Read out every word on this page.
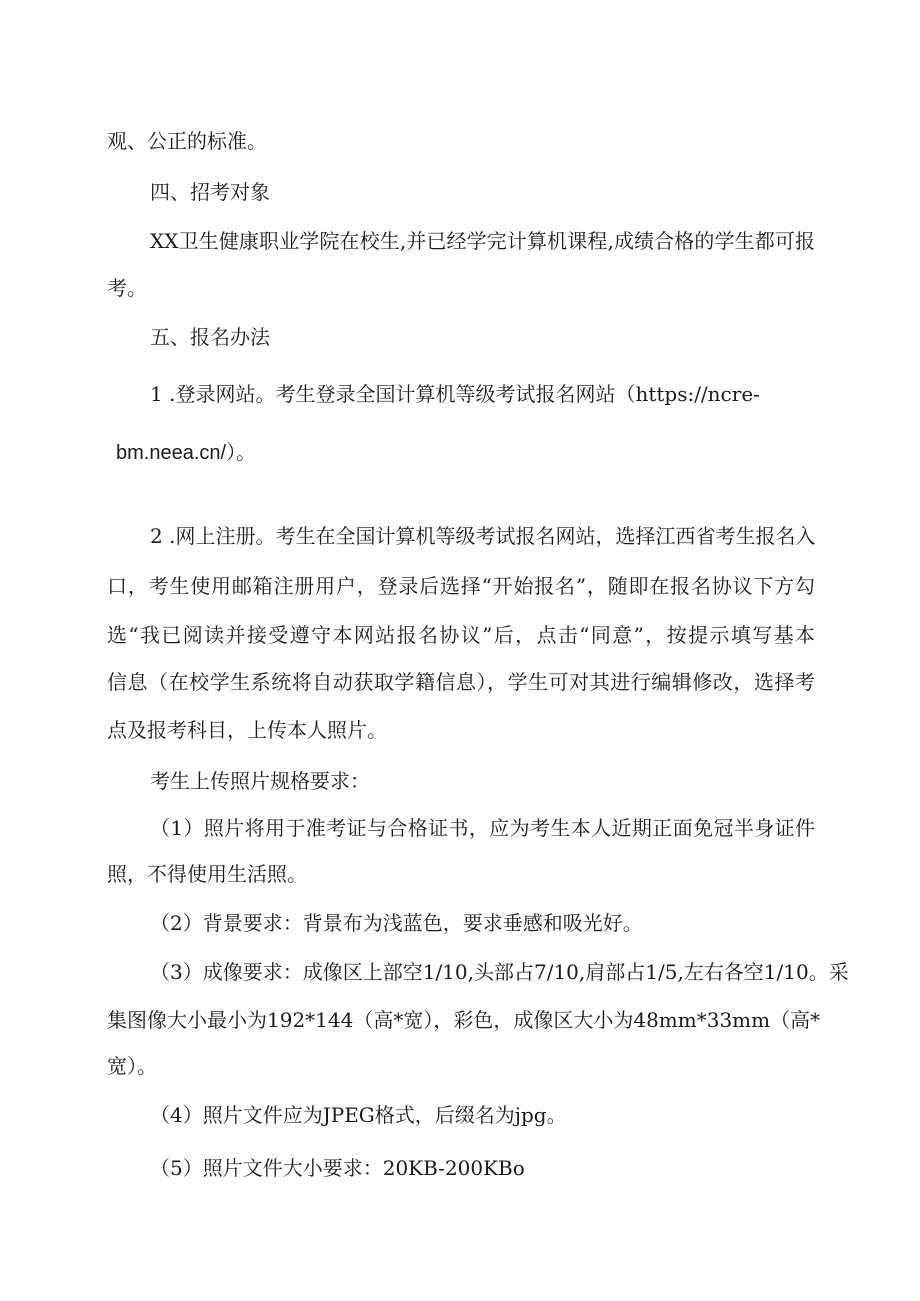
观、公正的标准。
四、招考对象
XX卫生健康职业学院在校生,并已经学完计算机课程,成绩合格的学生都可报
考。
五、报名办法
1 .登录网站。考生登录全国计算机等级考试报名网站（https://ncre-
bm.neea.cn/）。
2 .网上注册。考生在全国计算机等级考试报名网站，选择江西省考生报名入
口，考生使用邮箱注册用户，登录后选择“开始报名”，随即在报名协议下方勾
选“我已阅读并接受遵守本网站报名协议”后，点击“同意”，按提示填写基本
信息（在校学生系统将自动获取学籍信息），学生可对其进行编辑修改，选择考
点及报考科目，上传本人照片。
考生上传照片规格要求：
（1）照片将用于准考证与合格证书，应为考生本人近期正面免冠半身证件
照，不得使用生活照。
（2）背景要求：背景布为浅蓝色，要求垂感和吸光好。
（3）成像要求：成像区上部空1/10,头部占7/10,肩部占1/5,左右各空1/10。采
集图像大小最小为192*144（高*宽），彩色，成像区大小为48mm*33mm（高*
宽）。
（4）照片文件应为JPEG格式，后缀名为jpg。
（5）照片文件大小要求：20KB-200KBo
